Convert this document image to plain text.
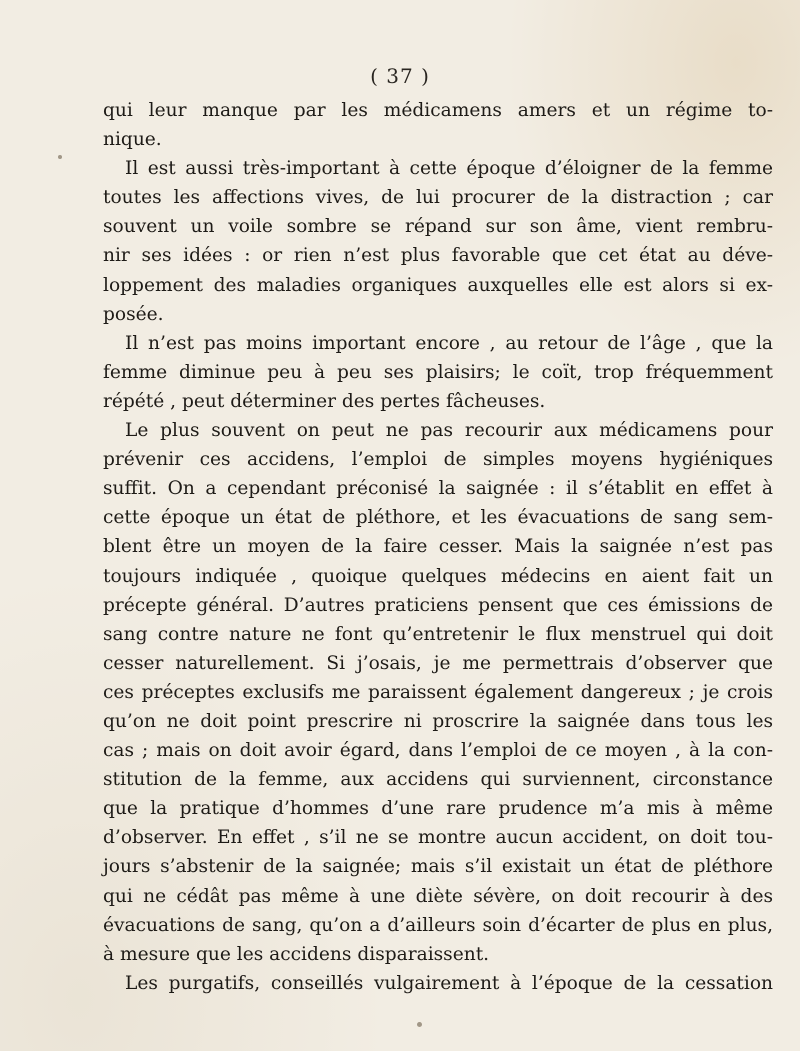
( 37 )
qui leur manque par les médicamens amers et un régime to-
nique.
Il est aussi très-important à cette époque d’éloigner de la femme
toutes les affections vives, de lui procurer de la distraction ; car
souvent un voile sombre se répand sur son âme, vient rembru-
nir ses idées : or rien n’est plus favorable que cet état au déve-
loppement des maladies organiques auxquelles elle est alors si ex-
posée.
Il n’est pas moins important encore , au retour de l’âge , que la
femme diminue peu à peu ses plaisirs; le coït, trop fréquemment
répété , peut déterminer des pertes fâcheuses.
Le plus souvent on peut ne pas recourir aux médicamens pour
prévenir ces accidens, l’emploi de simples moyens hygiéniques
suffit. On a cependant préconisé la saignée : il s’établit en effet à
cette époque un état de pléthore, et les évacuations de sang sem-
blent être un moyen de la faire cesser. Mais la saignée n’est pas
toujours indiquée , quoique quelques médecins en aient fait un
précepte général. D’autres praticiens pensent que ces émissions de
sang contre nature ne font qu’entretenir le flux menstruel qui doit
cesser naturellement. Si j’osais, je me permettrais d’observer que
ces préceptes exclusifs me paraissent également dangereux ; je crois
qu’on ne doit point prescrire ni proscrire la saignée dans tous les
cas ; mais on doit avoir égard, dans l’emploi de ce moyen , à la con-
stitution de la femme, aux accidens qui surviennent, circonstance
que la pratique d’hommes d’une rare prudence m’a mis à même
d’observer. En effet , s’il ne se montre aucun accident, on doit tou-
jours s’abstenir de la saignée; mais s’il existait un état de pléthore
qui ne cédât pas même à une diète sévère, on doit recourir à des
évacuations de sang, qu’on a d’ailleurs soin d’écarter de plus en plus,
à mesure que les accidens disparaissent.
Les purgatifs, conseillés vulgairement à l’époque de la cessation
